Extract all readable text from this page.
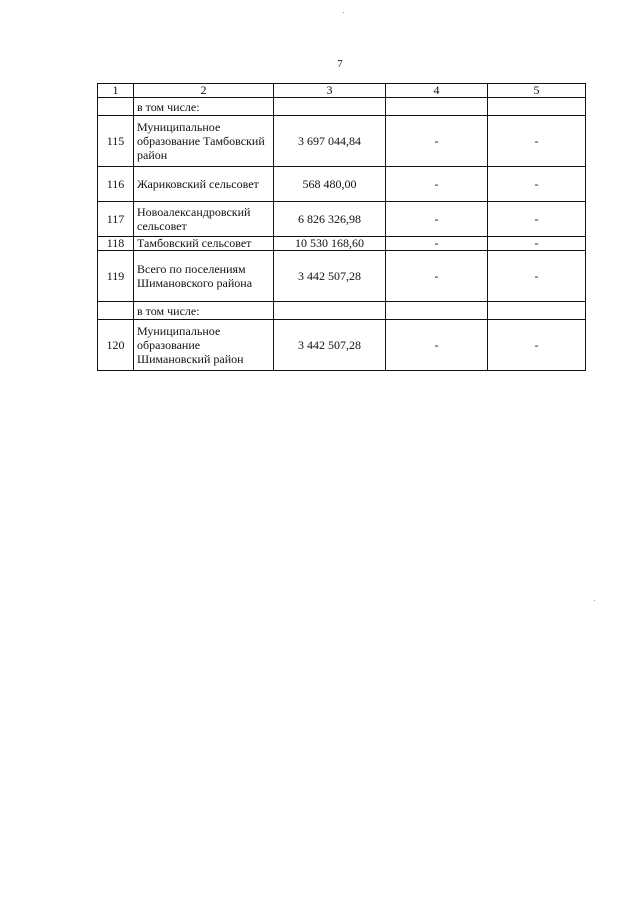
7
1	2	3	4	5
	в том числе:			
115	Муниципальное образование Тамбовский район	3 697 044,84	-	-
116	Жариковский сельсовет	568 480,00	-	-
117	Новоалександровский сельсовет	6 826 326,98	-	-
118	Тамбовский сельсовет	10 530 168,60	-	-
119	Всего по поселениям Шимановского района	3 442 507,28	-	-
	в том числе:			
120	Муниципальное образование Шимановский район	3 442 507,28	-	-
